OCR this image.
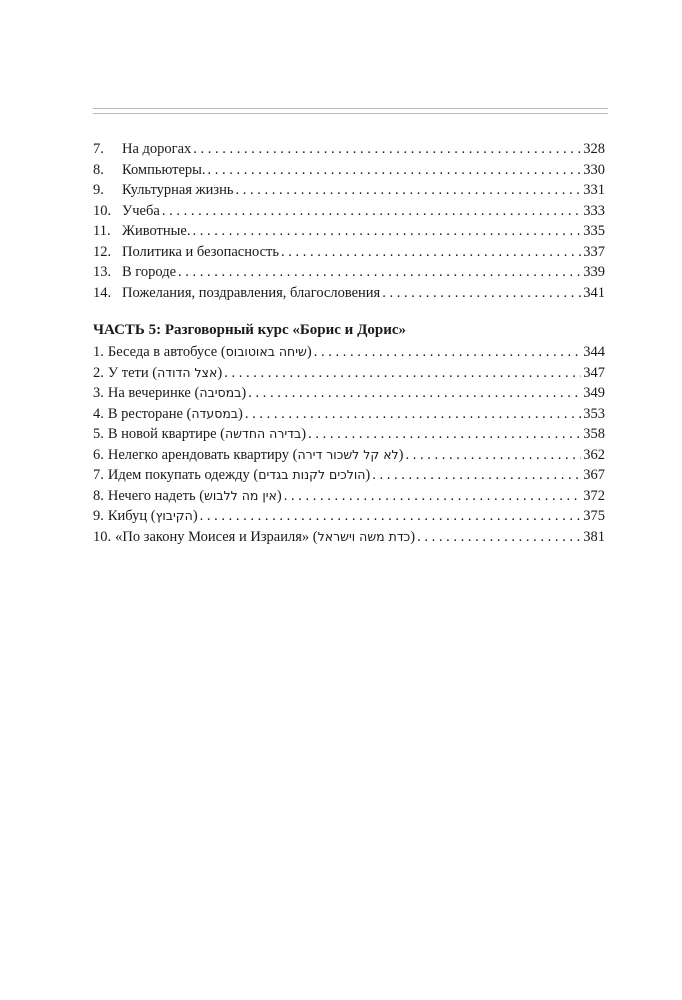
7.	На дорогах . . .	328
8.	Компьютеры. . . .	330
9.	Культурная жизнь . . .	331
10. Учеба . . .	333
11. Животные. . . .	335
12. Политика и безопасность . . .	337
13. В городе . . .	339
14. Пожелания, поздравления, благословения . . .	341
ЧАСТЬ 5: Разговорный курс «Борис и Дорис»
1. Беседа в автобусе ( שיחה באוטובוס ) . . .	344
2. У тети ( אצל הדודה ) . . .	347
3. На вечеринке ( במסיבה ) . . .	349
4. В ресторане ( במסעדה ) . . .	353
5. В новой квартире ( בדירה החדשה ) . . .	358
6. Нелегко арендовать квартиру ( לא קל לשכור דירה ) . . .	362
7. Идем покупать одежду ( הולכים לקנות בגדים ) . . .	367
8. Нечего надеть ( אין מה ללבוש ) . . .	372
9. Кибуц ( הקיבוץ ) . . .	375
10. «По закону Моисея и Израиля» ( כדת משה וישראל ) . . .	381
